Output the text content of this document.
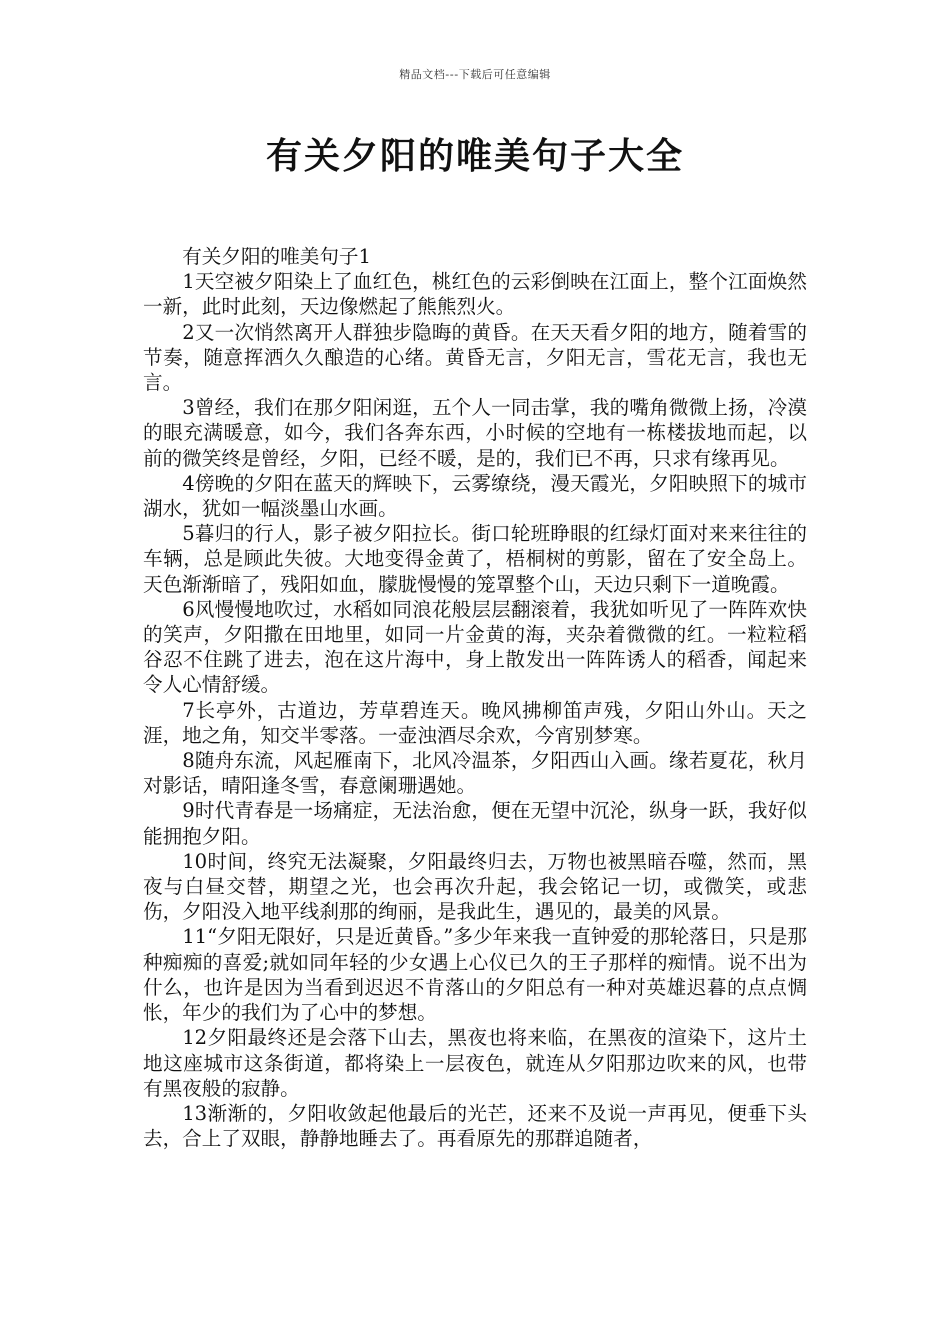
精品文档---下载后可任意编辑
有关夕阳的唯美句子大全

有关夕阳的唯美句子1

1天空被夕阳染上了血红色，桃红色的云彩倒映在江面上，整个江面焕然一新，此时此刻，天边像燃起了熊熊烈火。

2又一次悄然离开人群独步隐晦的黄昏。在天天看夕阳的地方，随着雪的节奏，随意挥洒久久酿造的心绪。黄昏无言，夕阳无言，雪花无言，我也无言。

3曾经，我们在那夕阳闲逛，五个人一同击掌，我的嘴角微微上扬，冷漠的眼充满暖意，如今，我们各奔东西，小时候的空地有一栋楼拔地而起，以前的微笑终是曾经，夕阳，已经不暖，是的，我们已不再，只求有缘再见。

4傍晚的夕阳在蓝天的辉映下，云雾缭绕，漫天霞光，夕阳映照下的城市湖水，犹如一幅淡墨山水画。

5暮归的行人，影子被夕阳拉长。街口轮班睁眼的红绿灯面对来来往往的车辆，总是顾此失彼。大地变得金黄了，梧桐树的剪影，留在了安全岛上。天色渐渐暗了，残阳如血，朦胧慢慢的笼罩整个山，天边只剩下一道晚霞。

6风慢慢地吹过，水稻如同浪花般层层翻滚着，我犹如听见了一阵阵欢快的笑声，夕阳撒在田地里，如同一片金黄的海，夹杂着微微的红。一粒粒稻谷忍不住跳了进去，泡在这片海中，身上散发出一阵阵诱人的稻香，闻起来令人心情舒缓。

7长亭外，古道边，芳草碧连天。晚风拂柳笛声残，夕阳山外山。天之涯，地之角，知交半零落。一壶浊酒尽余欢，今宵别梦寒。

8随舟东流，风起雁南下，北风冷温茶，夕阳西山入画。缘若夏花，秋月对影话，晴阳逢冬雪，春意阑珊遇她。

9时代青春是一场痛症，无法治愈，便在无望中沉沦，纵身一跃，我好似能拥抱夕阳。

10时间，终究无法凝聚，夕阳最终归去，万物也被黑暗吞噬，然而，黑夜与白昼交替，期望之光，也会再次升起，我会铭记一切，或微笑，或悲伤，夕阳没入地平线刹那的绚丽，是我此生，遇见的，最美的风景。

11“夕阳无限好，只是近黄昏。”多少年来我一直钟爱的那轮落日，只是那种痴痴的喜爱;就如同年轻的少女遇上心仪已久的王子那样的痴情。说不出为什么，也许是因为当看到迟迟不肯落山的夕阳总有一种对英雄迟暮的点点惆怅，年少的我们为了心中的梦想。

12夕阳最终还是会落下山去，黑夜也将来临，在黑夜的渲染下，这片土地这座城市这条街道，都将染上一层夜色，就连从夕阳那边吹来的风，也带有黑夜般的寂静。

13渐渐的，夕阳收敛起他最后的光芒，还来不及说一声再见，便垂下头去，合上了双眼，静静地睡去了。再看原先的那群追随者，
